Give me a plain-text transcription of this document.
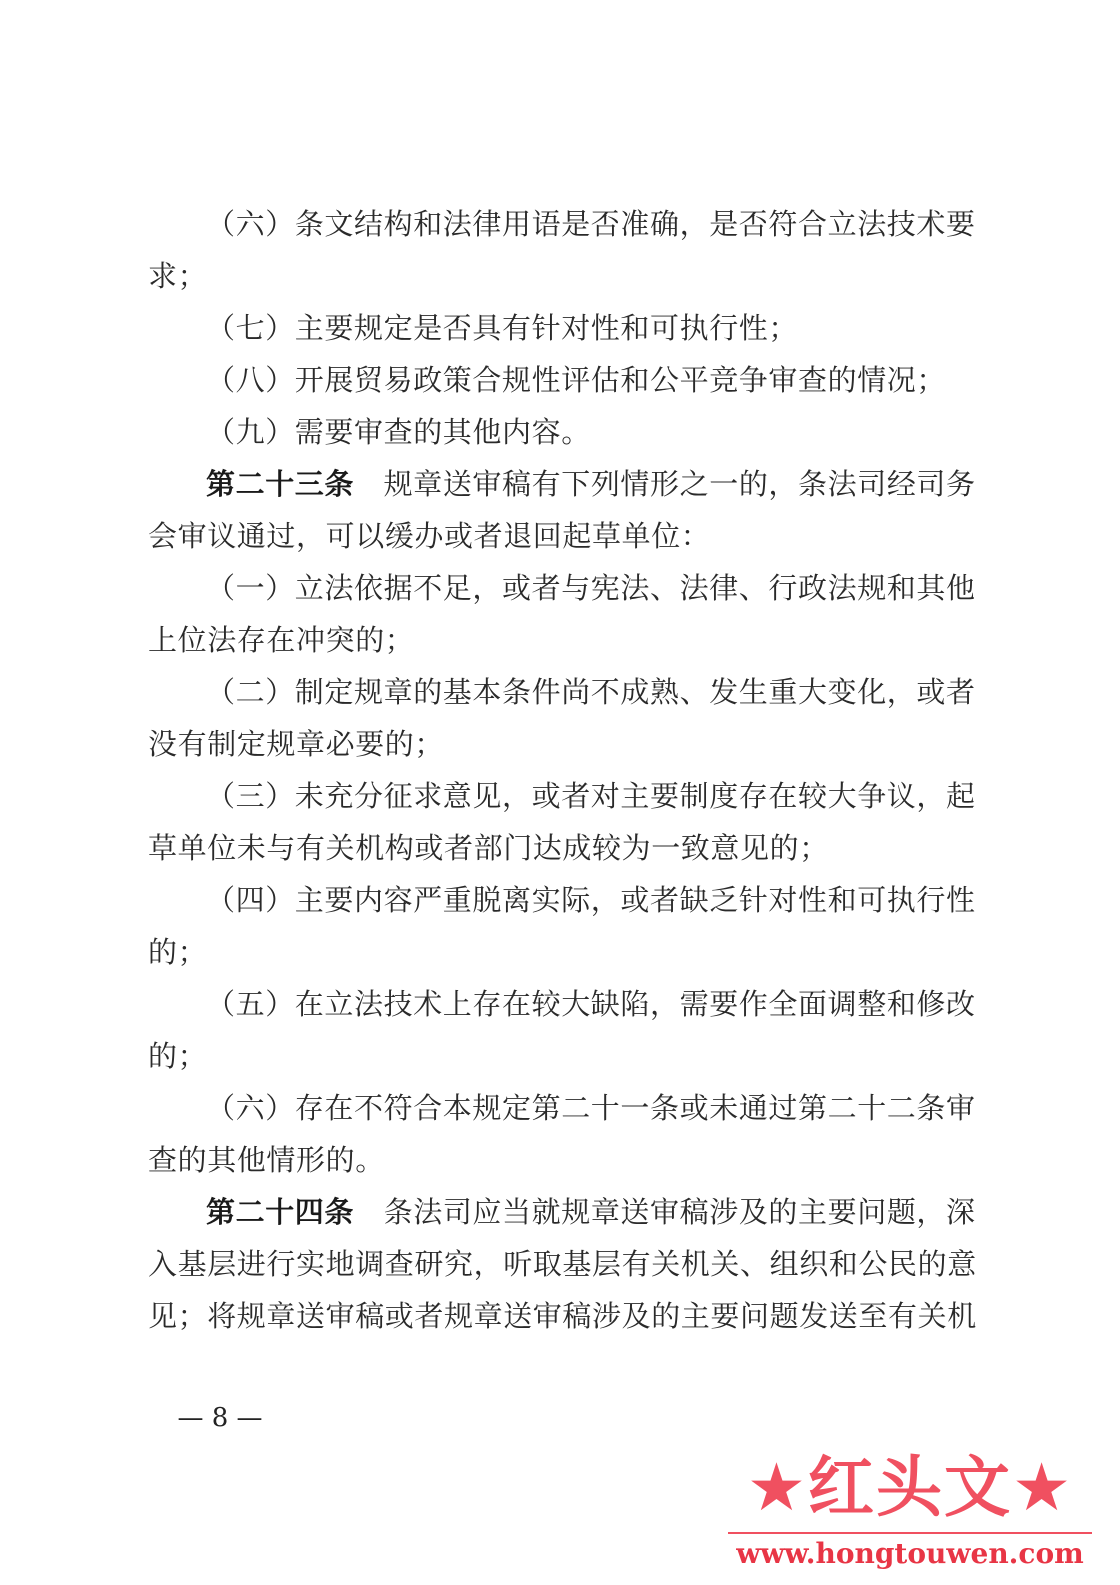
（六）条文结构和法律用语是否准确，是否符合立法技术要
求；
（七）主要规定是否具有针对性和可执行性；
（八）开展贸易政策合规性评估和公平竞争审查的情况；
（九）需要审查的其他内容。
第二十三条  规章送审稿有下列情形之一的，条法司经司务
会审议通过，可以缓办或者退回起草单位：
（一）立法依据不足，或者与宪法、法律、行政法规和其他
上位法存在冲突的；
（二）制定规章的基本条件尚不成熟、发生重大变化，或者
没有制定规章必要的；
（三）未充分征求意见，或者对主要制度存在较大争议，起
草单位未与有关机构或者部门达成较为一致意见的；
（四）主要内容严重脱离实际，或者缺乏针对性和可执行性
的；
（五）在立法技术上存在较大缺陷，需要作全面调整和修改
的；
（六）存在不符合本规定第二十一条或未通过第二十二条审
查的其他情形的。
第二十四条  条法司应当就规章送审稿涉及的主要问题，深
入基层进行实地调查研究，听取基层有关机关、组织和公民的意
见；将规章送审稿或者规章送审稿涉及的主要问题发送至有关机
— 8 —
★红头文★
www.hongtouwen.com
